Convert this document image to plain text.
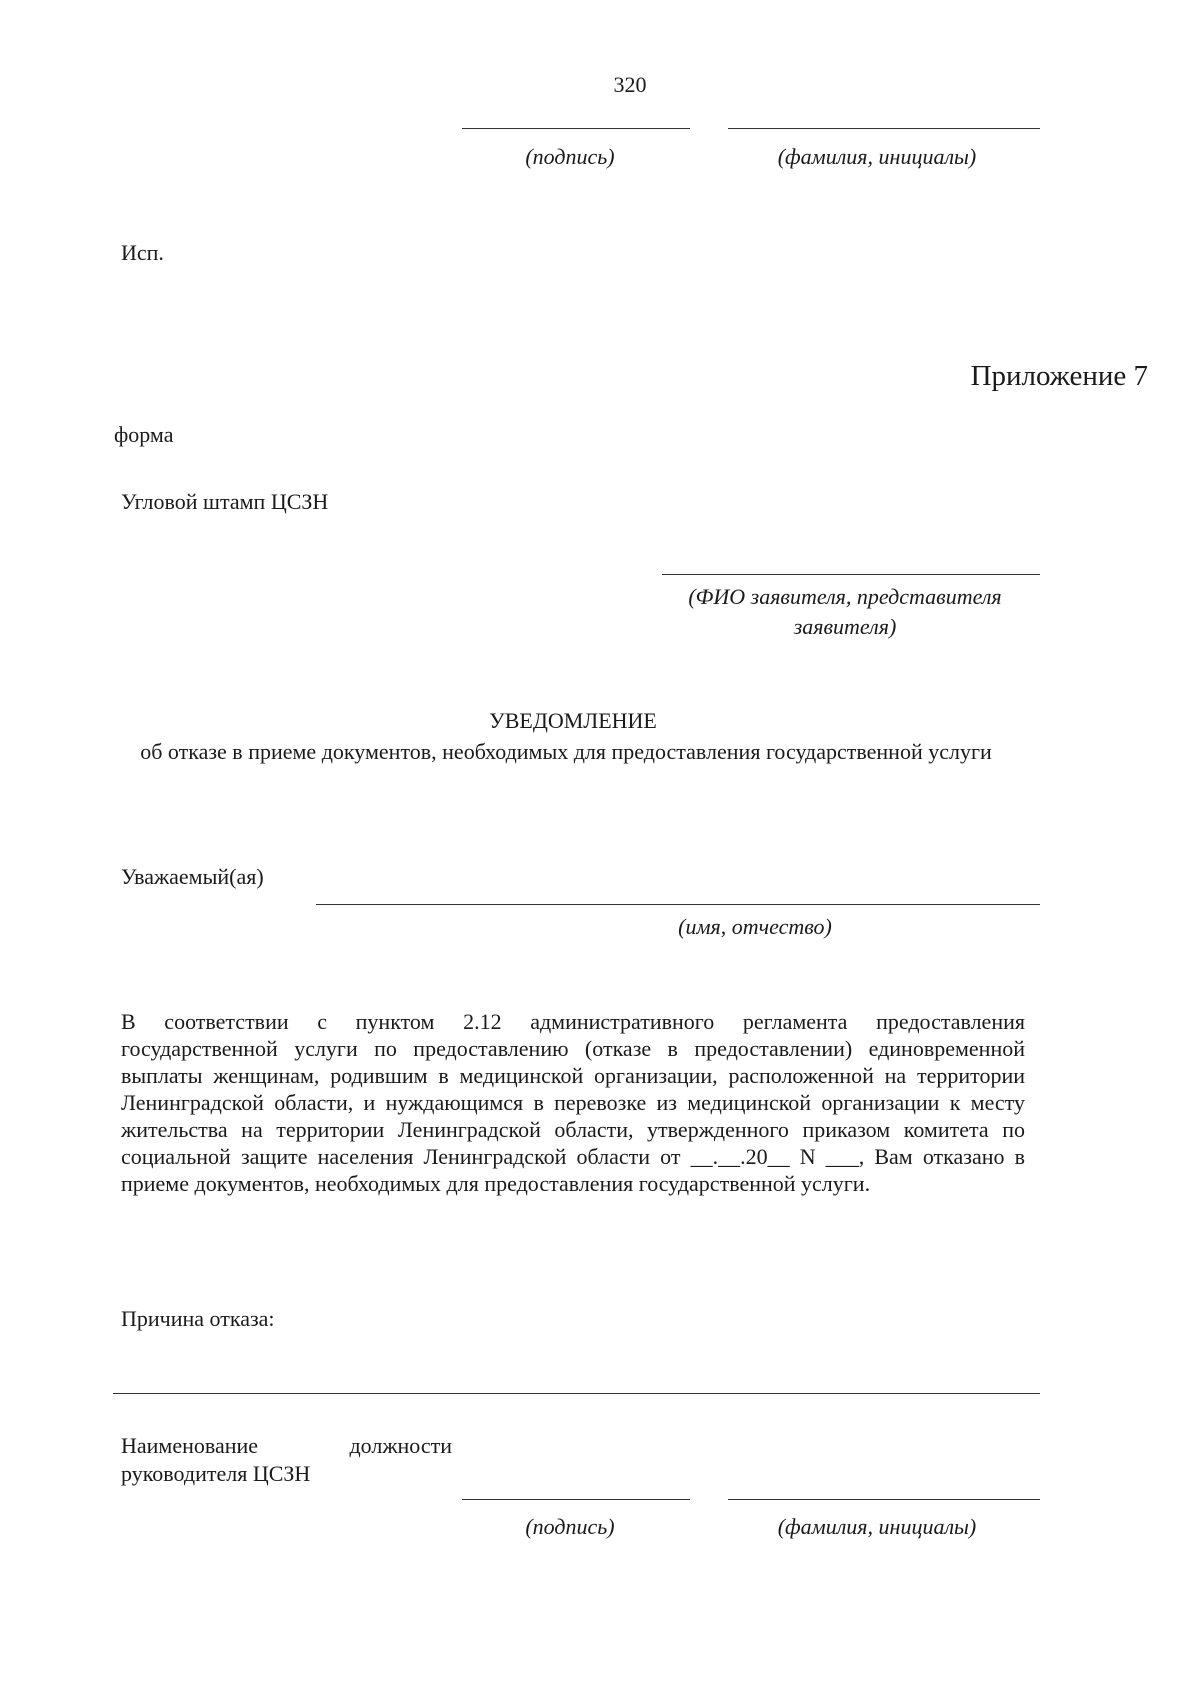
320
(подпись)	(фамилия, инициалы)
Исп.
Приложение 7
форма
Угловой штамп ЦСЗН
(ФИО заявителя, представителя заявителя)
УВЕДОМЛЕНИЕ
об отказе в приеме документов, необходимых для предоставления государственной услуги
Уважаемый(ая)
(имя, отчество)
В соответствии с пунктом 2.12 административного регламента предоставления государственной услуги по предоставлению (отказе в предоставлении) единовременной выплаты женщинам, родившим в медицинской организации, расположенной на территории Ленинградской области, и нуждающимся в перевозке из медицинской организации к месту жительства на территории Ленинградской области, утвержденного приказом комитета по социальной защите населения Ленинградской области от __.__.20__ N ___, Вам отказано в приеме документов, необходимых для предоставления государственной услуги.
Причина отказа:
Наименование	должности
руководителя ЦСЗН
(подпись)	(фамилия, инициалы)
